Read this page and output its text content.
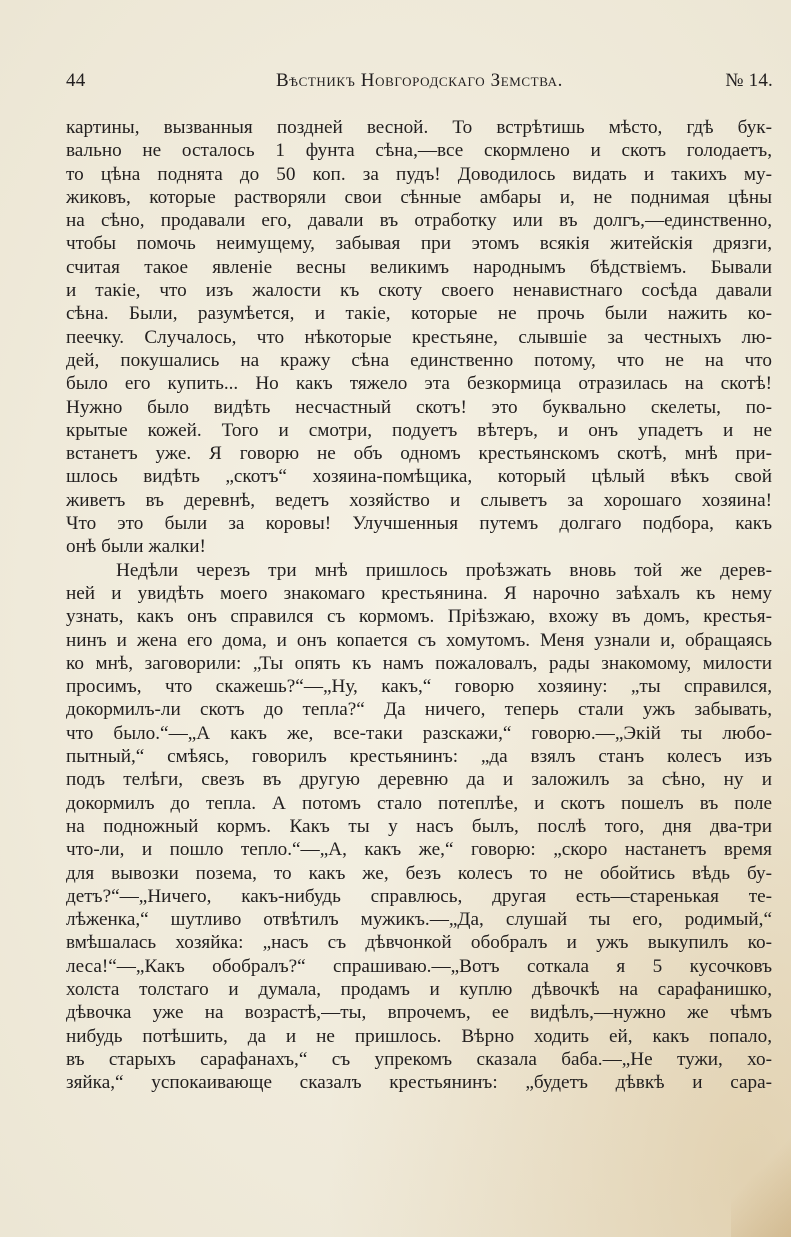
44	Вѣстникъ Новгородскаго Земства.	№ 14.
картины, вызванныя поздней весной. То встрѣтишь мѣсто, гдѣ бук-
вально не осталось 1 фунта сѣна,—все скормлено и скотъ голодаетъ,
то цѣна поднята до 50 коп. за пудъ! Доводилось видать и такихъ му-
жиковъ, которые растворяли свои сѣнные амбары и, не поднимая цѣны
на сѣно, продавали его, давали въ отработку или въ долгъ,—единственно,
чтобы помочь неимущему, забывая при этомъ всякія житейскія дрязги,
считая такое явленіе весны великимъ народнымъ бѣдствіемъ. Бывали
и такіе, что изъ жалости къ скоту своего ненавистнаго сосѣда давали
сѣна. Были, разумѣется, и такіе, которые не прочь были нажить ко-
пеечку. Случалось, что нѣкоторые крестьяне, слывшіе за честныхъ лю-
дей, покушались на кражу сѣна единственно потому, что не на что
было его купить... Но какъ тяжело эта безкормица отразилась на скотѣ!
Нужно было видѣть несчастный скотъ! это буквально скелеты, по-
крытые кожей. Того и смотри, подуетъ вѣтеръ, и онъ упадетъ и не
встанетъ уже. Я говорю не объ одномъ крестьянскомъ скотѣ, мнѣ при-
шлось видѣть „скотъ“ хозяина-помѣщика, который цѣлый вѣкъ свой
живетъ въ деревнѣ, ведетъ хозяйство и слыветъ за хорошаго хозяина!
Что это были за коровы! Улучшенныя путемъ долгаго подбора, какъ
онѣ были жалки!
Недѣли черезъ три мнѣ пришлось проѣзжать вновь той же дерев-
ней и увидѣть моего знакомаго крестьянина. Я нарочно заѣхалъ къ нему
узнать, какъ онъ справился съ кормомъ. Пріѣзжаю, вхожу въ домъ, крестья-
нинъ и жена его дома, и онъ копается съ хомутомъ. Меня узнали и, обращаясь
ко мнѣ, заговорили: „Ты опять къ намъ пожаловалъ, рады знакомому, милости
просимъ, что скажешь?“—„Ну, какъ,“ говорю хозяину: „ты справился,
докормилъ-ли скотъ до тепла?“ Да ничего, теперь стали ужъ забывать,
что было.“—„А какъ же, все-таки разскажи,“ говорю.—„Экій ты любо-
пытный,“ смѣясь, говорилъ крестьянинъ: „да взялъ станъ колесъ изъ
подъ телѣги, свезъ въ другую деревню да и заложилъ за сѣно, ну и
докормилъ до тепла. А потомъ стало потеплѣе, и скотъ пошелъ въ поле
на подножный кормъ. Какъ ты у насъ былъ, послѣ того, дня два-три
что-ли, и пошло тепло.“—„А, какъ же,“ говорю: „скоро настанетъ время
для вывозки позема, то какъ же, безъ колесъ то не обойтись вѣдь бу-
детъ?“—„Ничего, какъ-нибудь справлюсь, другая есть—старенькая те-
лѣженка,“ шутливо отвѣтилъ мужикъ.—„Да, слушай ты его, родимый,“
вмѣшалась хозяйка: „насъ съ дѣвчонкой обобралъ и ужъ выкупилъ ко-
леса!“—„Какъ обобралъ?“ спрашиваю.—„Вотъ соткала я 5 кусочковъ
холста толстаго и думала, продамъ и куплю дѣвочкѣ на сарафанишко,
дѣвочка уже на возрастѣ,—ты, впрочемъ, ее видѣлъ,—нужно же чѣмъ
нибудь потѣшить, да и не пришлось. Вѣрно ходить ей, какъ попало,
въ старыхъ сарафанахъ,“ съ упрекомъ сказала баба.—„Не тужи, хо-
зяйка,“ успокаивающе сказалъ крестьянинъ: „будетъ дѣвкѣ и сара-
